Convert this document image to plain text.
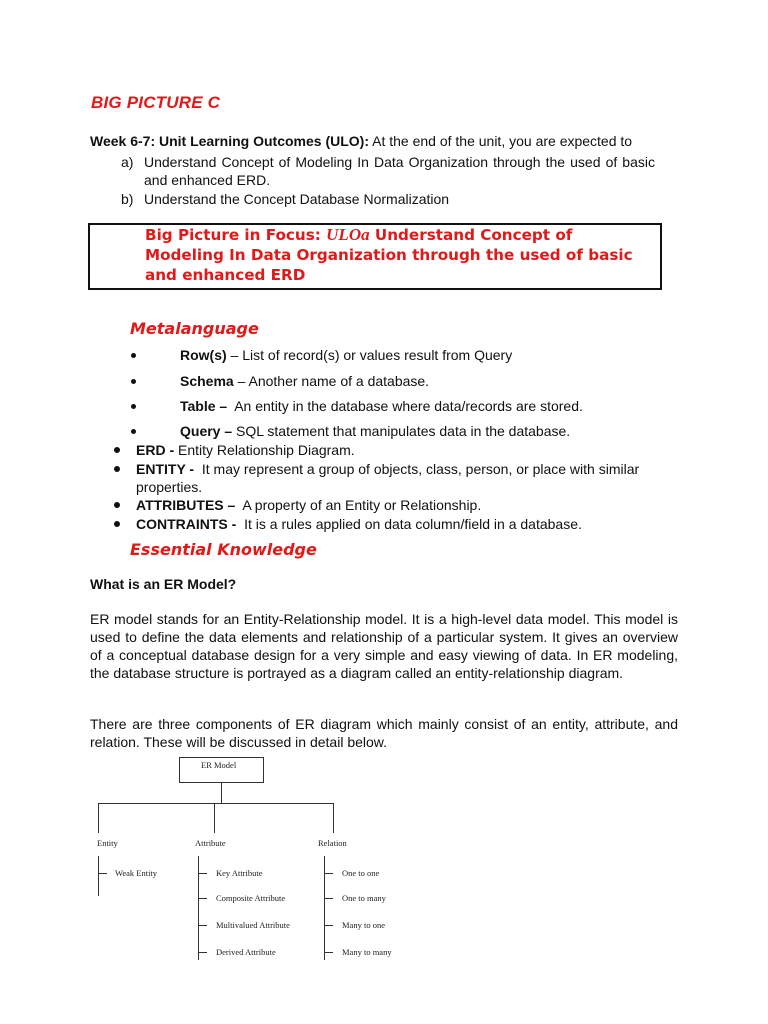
BIG PICTURE C
Week 6-7: Unit Learning Outcomes (ULO): At the end of the unit, you are expected to
a) Understand Concept of Modeling In Data Organization through the used of basic and enhanced ERD.
b) Understand the Concept Database Normalization
Big Picture in Focus: ULOa Understand Concept of
Modeling In Data Organization through the used of basic
and enhanced ERD
Metalanguage
Row(s) – List of record(s) or values result from Query
Schema – Another name of a database.
Table – An entity in the database where data/records are stored.
Query – SQL statement that manipulates data in the database.
ERD - Entity Relationship Diagram.
ENTITY - It may represent a group of objects, class, person, or place with similar properties.
ATTRIBUTES – A property of an Entity or Relationship.
CONTRAINTS - It is a rules applied on data column/field in a database.
Essential Knowledge
What is an ER Model?
ER model stands for an Entity-Relationship model. It is a high-level data model. This model is used to define the data elements and relationship of a particular system. It gives an overview of a conceptual database design for a very simple and easy viewing of data. In ER modeling, the database structure is portrayed as a diagram called an entity-relationship diagram.
There are three components of ER diagram which mainly consist of an entity, attribute, and relation. These will be discussed in detail below.
ER Model
Entity	Attribute	Relation
Weak Entity	Key Attribute
Composite Attribute
Multivalued Attribute
Derived Attribute
One to one
One to many
Many to one
Many to many
